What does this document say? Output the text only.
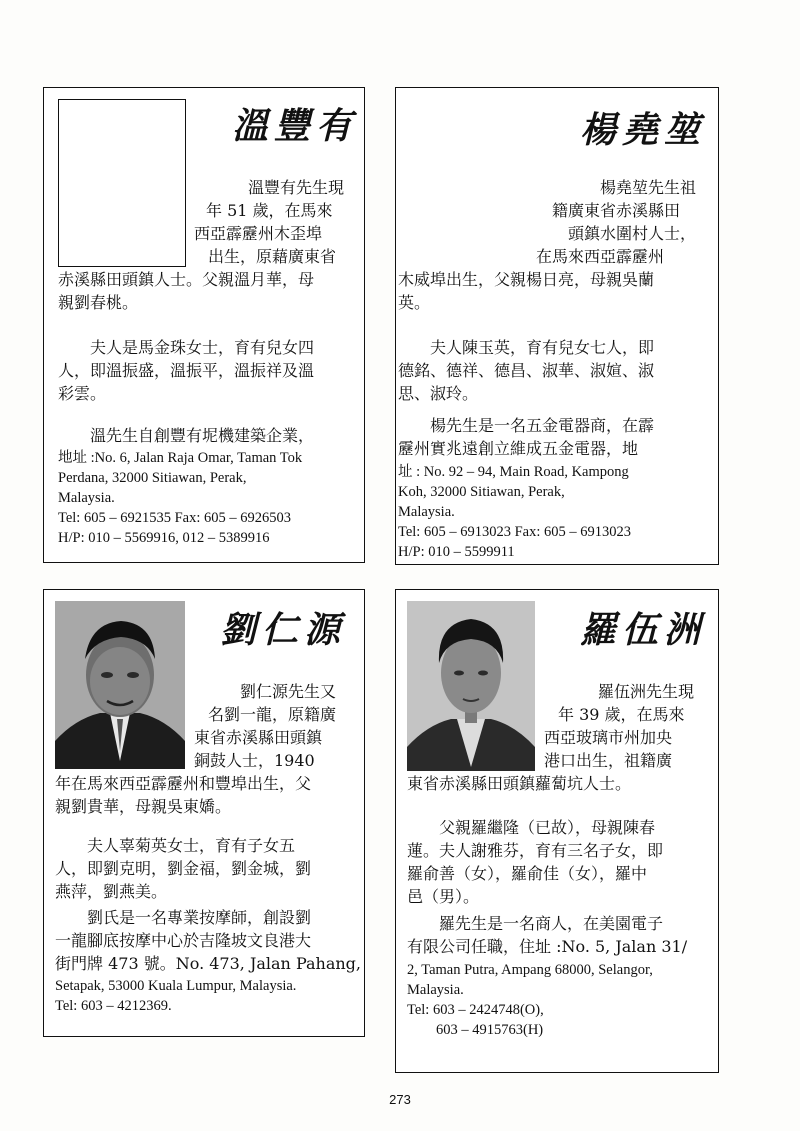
溫豐有
溫豐有先生現
年 51 歲，在馬來
西亞霹靂州木歪埠
出生，原藉廣東省
赤溪縣田頭鎮人士。父親溫月華，母
親劉春桃。
夫人是馬金珠女士，育有兒女四
人，即溫振盛，溫振平，溫振祥及溫
彩雲。
溫先生自創豐有坭機建築企業，
地址 :No. 6, Jalan Raja Omar, Taman Tok
Perdana, 32000 Sitiawan, Perak,
Malaysia.
Tel: 605 – 6921535 Fax: 605 – 6926503
H/P: 010 – 5569916, 012 – 5389916
楊堯堃
楊堯堃先生祖
籍廣東省赤溪縣田
頭鎮水圍村人士，
在馬來西亞霹靂州
木威埠出生，父親楊日亮，母親吳蘭
英。
夫人陳玉英，育有兒女七人，即
德銘、德祥、德昌、淑華、淑媗、淑
思、淑玲。
楊先生是一名五金電器商，在霹
靂州實兆遠創立維成五金電器，地
址 : No. 92 – 94, Main Road, Kampong
Koh, 32000 Sitiawan, Perak,
Malaysia.
Tel: 605 – 6913023 Fax: 605 – 6913023
H/P: 010 – 5599911
劉仁源
劉仁源先生又
名劉一龍，原籍廣
東省赤溪縣田頭鎮
銅鼓人士，1940
年在馬來西亞霹靂州和豐埠出生，父
親劉貴華，母親吳東嬌。
夫人辜菊英女士，育有子女五
人，即劉克明，劉金福，劉金城，劉
燕萍，劉燕美。
劉氏是一名專業按摩師，創設劉
一龍腳底按摩中心於吉隆坡文良港大
街門牌 473 號。No. 473, Jalan Pahang,
Setapak, 53000 Kuala Lumpur, Malaysia.
Tel: 603 – 4212369.
羅伍洲
羅伍洲先生現
年 39 歲，在馬來
西亞玻璃市州加央
港口出生，祖籍廣
東省赤溪縣田頭鎮蘿蔔坑人士。
父親羅繼隆（已故），母親陳春
蓮。夫人謝雅芬，育有三名子女，即
羅俞善（女），羅俞佳（女），羅中
邑（男）。
羅先生是一名商人，在美園電子
有限公司任職，住址 :No. 5, Jalan 31/
2, Taman Putra, Ampang 68000, Selangor,
Malaysia.
Tel: 603 – 2424748(O),
603 – 4915763(H)
273
